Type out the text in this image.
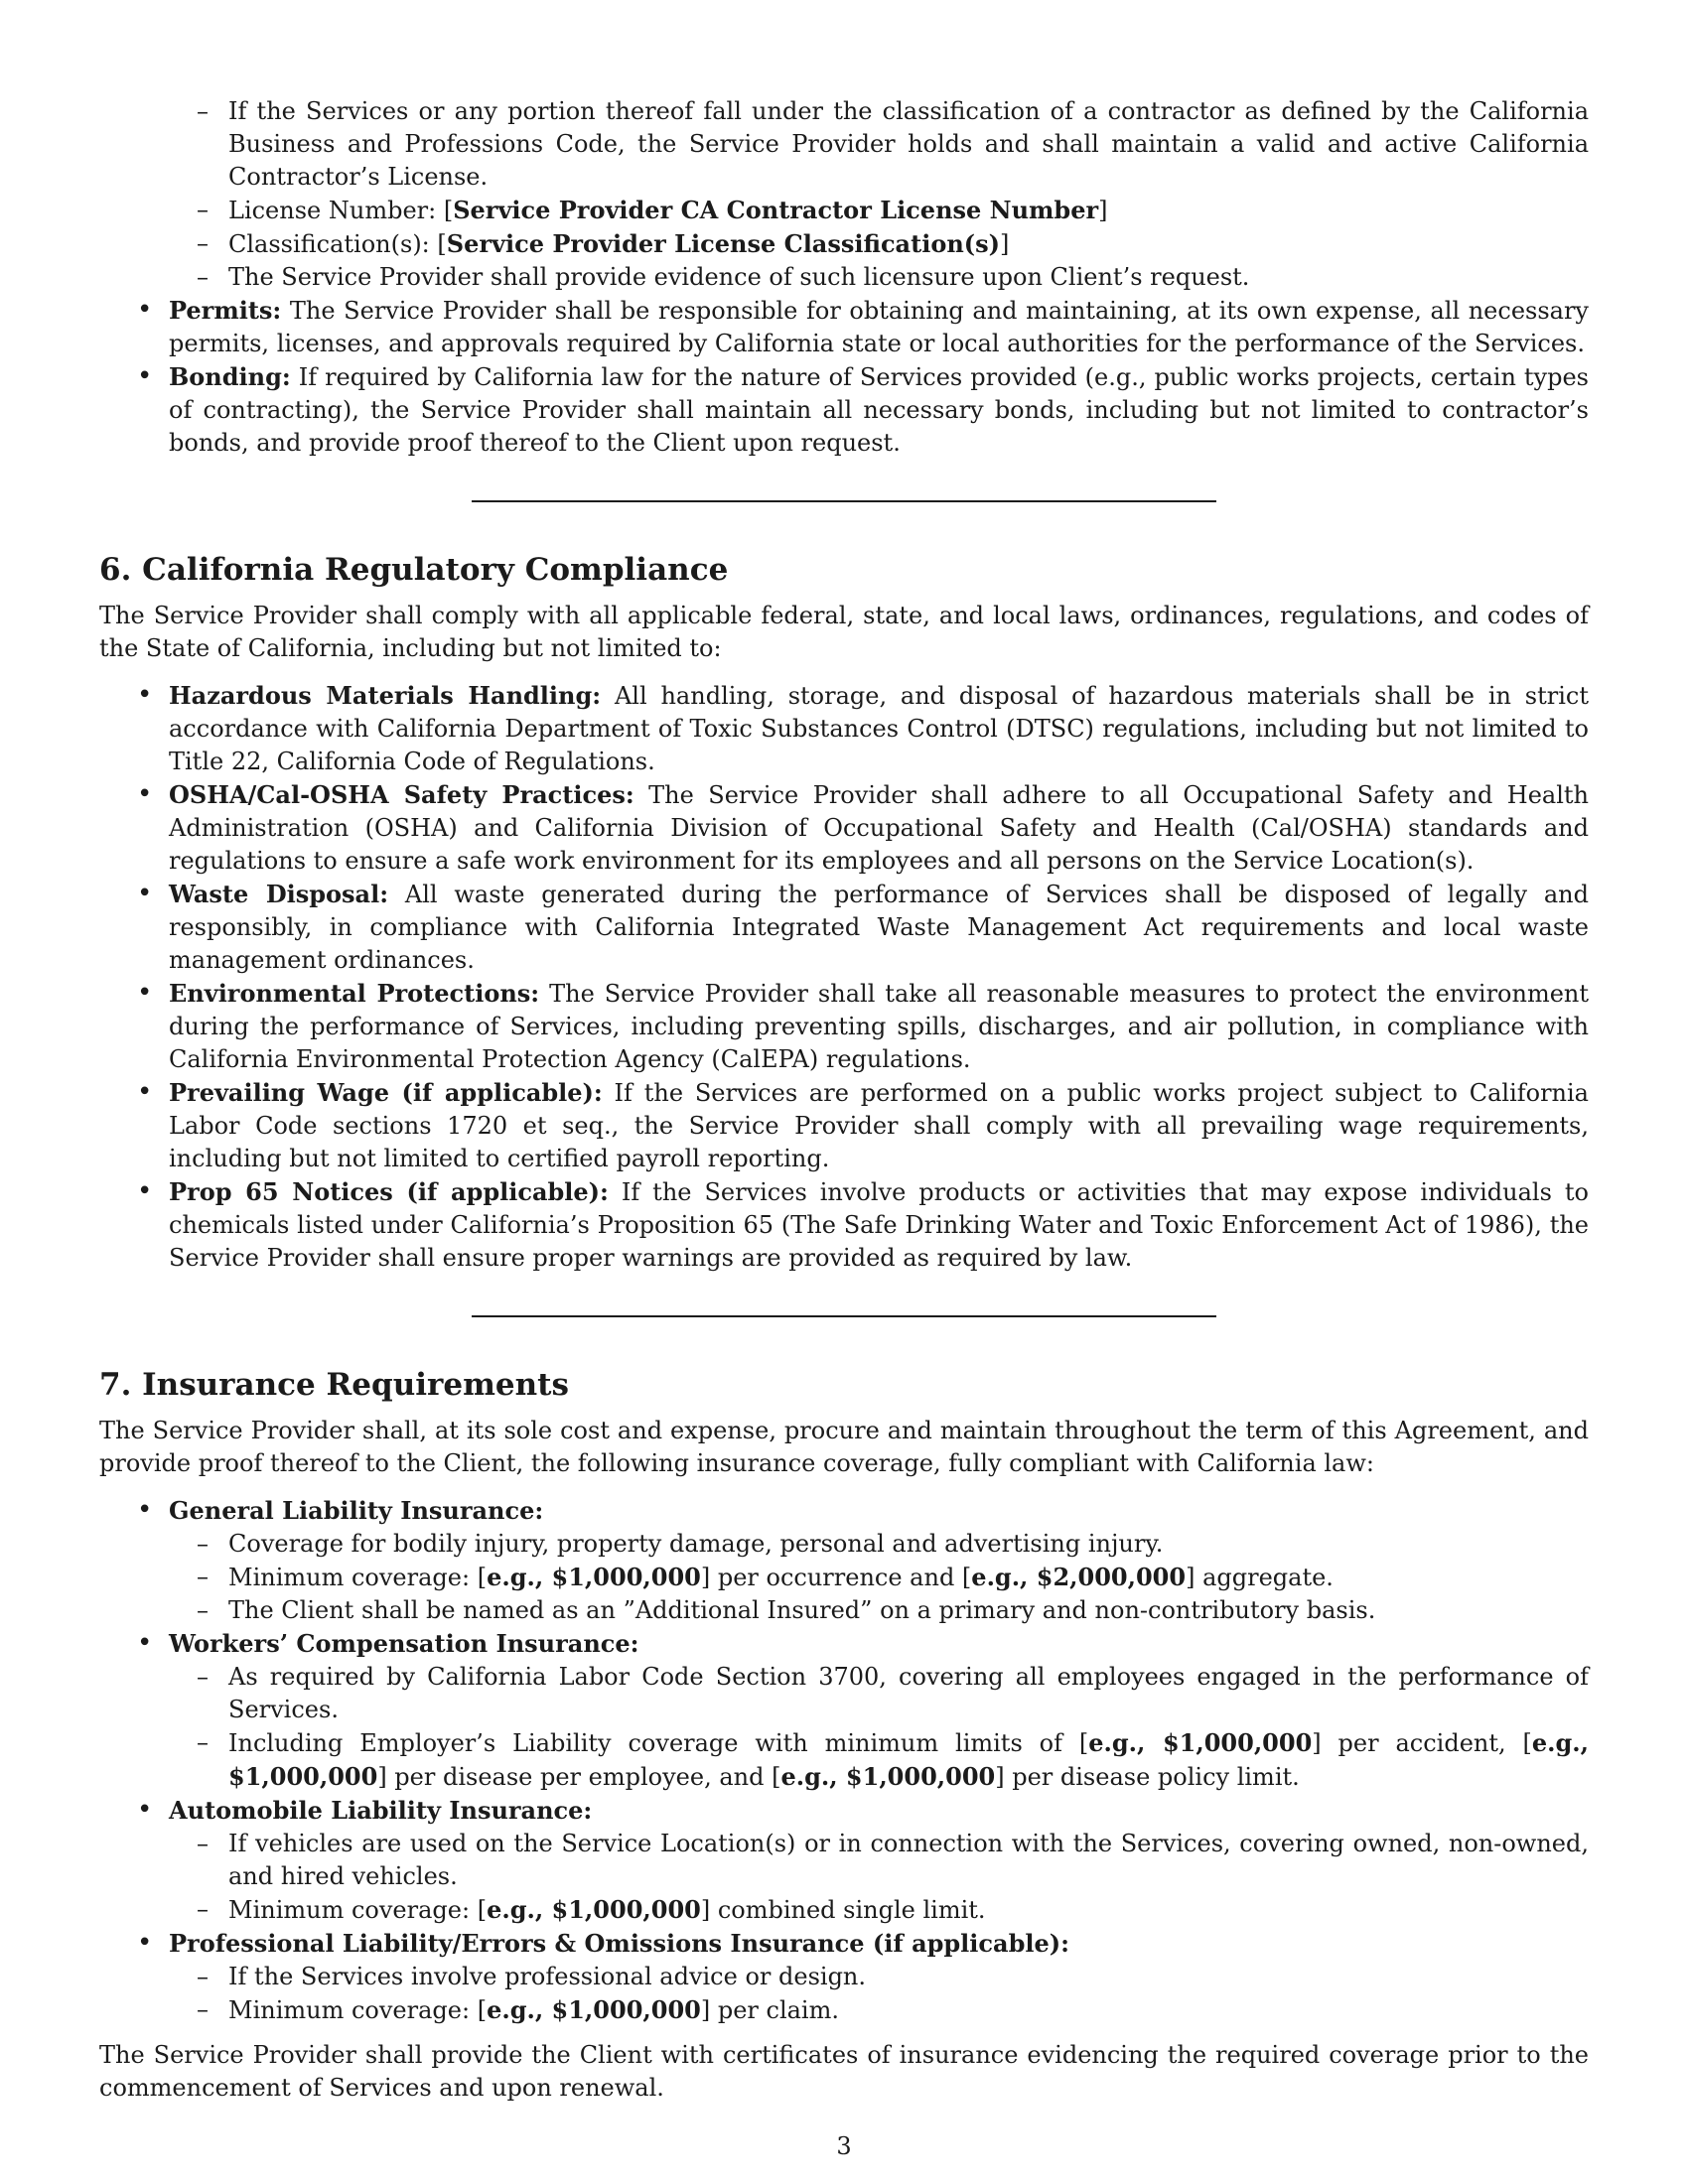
– If the Services or any portion thereof fall under the classification of a contractor as defined by the California Business and Professions Code, the Service Provider holds and shall maintain a valid and active California Contractor’s License.
– License Number: [Service Provider CA Contractor License Number]
– Classification(s): [Service Provider License Classification(s)]
– The Service Provider shall provide evidence of such licensure upon Client’s request.
• Permits: The Service Provider shall be responsible for obtaining and maintaining, at its own expense, all necessary permits, licenses, and approvals required by California state or local authorities for the performance of the Services.
• Bonding: If required by California law for the nature of Services provided (e.g., public works projects, certain types of contracting), the Service Provider shall maintain all necessary bonds, including but not limited to contractor’s bonds, and provide proof thereof to the Client upon request.
6. California Regulatory Compliance

The Service Provider shall comply with all applicable federal, state, and local laws, ordinances, regulations, and codes of the State of California, including but not limited to:

• Hazardous Materials Handling: All handling, storage, and disposal of hazardous materials shall be in strict accordance with California Department of Toxic Substances Control (DTSC) regulations, including but not limited to Title 22, California Code of Regulations.
• OSHA/Cal-OSHA Safety Practices: The Service Provider shall adhere to all Occupational Safety and Health Administration (OSHA) and California Division of Occupational Safety and Health (Cal/OSHA) standards and regulations to ensure a safe work environment for its employees and all persons on the Service Location(s).
• Waste Disposal: All waste generated during the performance of Services shall be disposed of legally and responsibly, in compliance with California Integrated Waste Management Act requirements and local waste management ordinances.
• Environmental Protections: The Service Provider shall take all reasonable measures to protect the environment during the performance of Services, including preventing spills, discharges, and air pollution, in compliance with California Environmental Protection Agency (CalEPA) regulations.
• Prevailing Wage (if applicable): If the Services are performed on a public works project subject to California Labor Code sections 1720 et seq., the Service Provider shall comply with all prevailing wage requirements, including but not limited to certified payroll reporting.
• Prop 65 Notices (if applicable): If the Services involve products or activities that may expose individuals to chemicals listed under California’s Proposition 65 (The Safe Drinking Water and Toxic Enforcement Act of 1986), the Service Provider shall ensure proper warnings are provided as required by law.
7. Insurance Requirements

The Service Provider shall, at its sole cost and expense, procure and maintain throughout the term of this Agreement, and provide proof thereof to the Client, the following insurance coverage, fully compliant with California law:

• General Liability Insurance:
– Coverage for bodily injury, property damage, personal and advertising injury.
– Minimum coverage: [e.g., $1,000,000] per occurrence and [e.g., $2,000,000] aggregate.
– The Client shall be named as an ”Additional Insured” on a primary and non-contributory basis.
• Workers’ Compensation Insurance:
– As required by California Labor Code Section 3700, covering all employees engaged in the performance of Services.
– Including Employer’s Liability coverage with minimum limits of [e.g., $1,000,000] per accident, [e.g., $1,000,000] per disease per employee, and [e.g., $1,000,000] per disease policy limit.
• Automobile Liability Insurance:
– If vehicles are used on the Service Location(s) or in connection with the Services, covering owned, non-owned, and hired vehicles.
– Minimum coverage: [e.g., $1,000,000] combined single limit.
• Professional Liability/Errors & Omissions Insurance (if applicable):
– If the Services involve professional advice or design.
– Minimum coverage: [e.g., $1,000,000] per claim.

The Service Provider shall provide the Client with certificates of insurance evidencing the required coverage prior to the commencement of Services and upon renewal.

3
